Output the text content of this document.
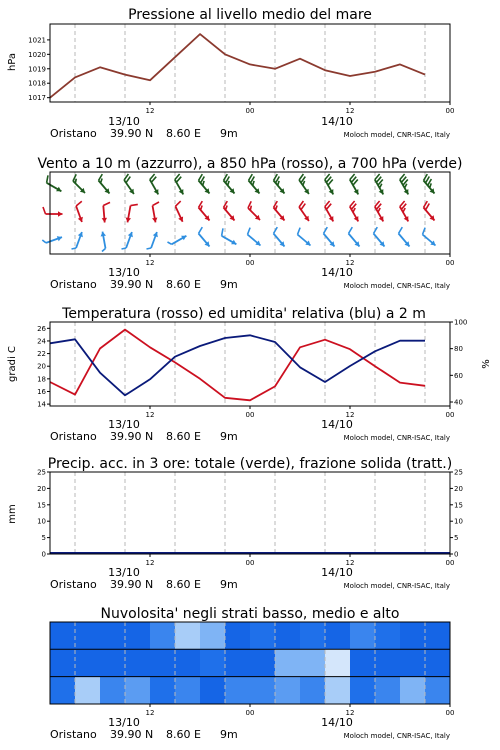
Pressione al livello medio del mare
hPa
1017
1018
1019
1020
1021
12	00	12	00
13/10	14/10
Oristano 39.90 N 8.60 E 9m	Moloch model, CNR-ISAC, Italy
Vento a 10 m (azzurro), a 850 hPa (rosso), a 700 hPa (verde)
12	00	12	00
13/10	14/10
Oristano 39.90 N 8.60 E 9m	Moloch model, CNR-ISAC, Italy
Temperatura (rosso) ed umidita' relativa (blu) a 2 m
gradi C	%
14
16
18
20
22
24
26
40
60
80
100
12	00	12	00
13/10	14/10
Oristano 39.90 N 8.60 E 9m	Moloch model, CNR-ISAC, Italy
Precip. acc. in 3 ore: totale (verde), frazione solida (tratt.)
mm
0
5
10
15
20
25
0
5
10
15
20
25
12	00	12	00
13/10	14/10
Oristano 39.90 N 8.60 E 9m	Moloch model, CNR-ISAC, Italy
Nuvolosita' negli strati basso, medio e alto
12	00	12	00
13/10	14/10
Oristano 39.90 N 8.60 E 9m	Moloch model, CNR-ISAC, Italy
